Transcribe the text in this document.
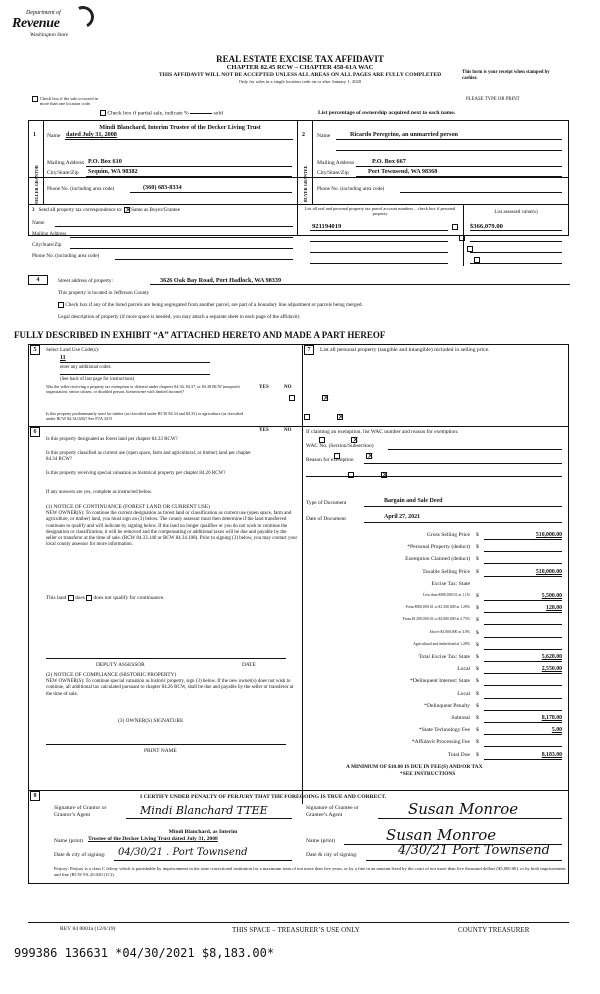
Department of
Revenue
Washington State
REAL ESTATE EXCISE TAX AFFIDAVIT
CHAPTER 82.45 RCW – CHAPTER 458-61A WAC
THIS AFFIDAVIT WILL NOT BE ACCEPTED UNLESS ALL AREAS ON ALL PAGES ARE FULLY COMPLETED
Only for sales in a single location code on or after January 1, 2020
This form is your receipt when stamped by cashier.
PLEASE TYPE OR PRINT
Check box if the sale occurred in more than one location code.
Check box if partial sale, indicate %	sold	List percentage of ownership acquired next to each name.
1
SELLER GRANTOR
Name
Mindi Blanchard, Interim Trustee of the Decker Living Trust
dated July 31, 2008
Mailing Address P.O. Box 610
City/State/Zip Sequim, WA 98382
Phone No. (including area code)	(360) 683-8334
2
BUYER GRANTEE
Name	Ricardo Peregrino, an unmarried person
Mailing Address	P.O. Box 667
City/State/Zip	Port Townsend, WA 98368
Phone No. (including area code)
3 Send all property tax correspondence to: × Same as Buyer/Grantee
Name
Mailing Address
City/State/Zip
Phone No. (including area code)
List all real and personal property tax parcel account numbers – check box if personal property	List assessed value(s)
921194019	$366,079.00

4	Street address of property:	3626 Oak Bay Road, Port Hadlock, WA 98339
This property is located in Jefferson County
Check box if any of the listed parcels are being segregated from another parcel, are part of a boundary line adjustment or parcels being merged.
Legal description of property (if more space is needed, you may attach a separate sheet to each page of the affidavit)
FULLY DESCRIBED IN EXHIBIT “A” ATTACHED HERETO AND MADE A PART HEREOF
5	Select Land Use Code(s):
11
enter any additional codes:
(See back of last page for instructions)
YES	NO
Was the seller receiving a property tax exemption or deferral under chapters 84.36, 84.37, or 84.38 RCW (nonprofit organization, senior citizen, or disabled person, homeowner with limited income)?
×
Is this property predominantly used for timber (as classified under RCW 84.34 and 84.33) or agriculture (as classified under RCW 84.34.020)? See ETA 3215
×
6	YES	NO
Is this property designated as forest land per chapter 84.33 RCW?
×
Is this property classified as current use (open space, farm and agricultural, or timber) land per chapter 84.34 RCW?
×
Is this property receiving special valuation as historical property per chapter 84.26 RCW?
×
If any answers are yes, complete as instructed below.
(1) NOTICE OF CONTINUANCE (FOREST LAND OR CURRENT USE)
NEW OWNER(S): To continue the current designation as forest land or classification as current use (open space, farm and agriculture, or timber) land, you must sign on (3) below. The county assessor must then determine if the land transferred continues to qualify and will indicate by signing below. If the land no longer qualifies or you do not wish to continue the designation or classification, it will be removed and the compensating or additional taxes will be due and payable by the seller or transferor at the time of sale. (RCW 84.33.140 or RCW 84.34.108). Prior to signing (3) below, you may contact your local county assessor for more information.
This land does does not qualify for continuance.
DEPUTY ASSESSOR	DATE
(2) NOTICE OF COMPLIANCE (HISTORIC PROPERTY)
NEW OWNER(S): To continue special valuation as historic property, sign (3) below. If the new owner(s) does not wish to continue, all additional tax calculated pursuant to chapter 84.26 RCW, shall be due and payable by the seller or transferor at the time of sale.
(3) OWNER(S) SIGNATURE
PRINT NAME
7	List all personal property (tangible and intangible) included in selling price.
If claiming an exemption, list WAC number and reason for exemption:
WAC No. (Section/Subsection)
Reason for exemption
Type of Document	Bargain and Sale Deed
Date of Document	April 27, 2021
Gross Selling Price $	510,000.00
*Personal Property (deduct) $
Exemption Claimed (deduct) $
Taxable Selling Price $	510,000.00
Excise Tax: State
Less than $500,000.01 at 1.1% $	5,500.00
From $500,000.01 to $1,500,000 at 1.28% $	128.00
From $1,500,000.01 to $3,000,000 at 2.75% $
Above $3,000,000 at 3.0% $
Agricultural and timberland at 1.28% $
Total Excise Tax: State $	5,628.00
Local $	2,550.00
*Delinquent Interest: State $
Local $
*Delinquent Penalty $
Subtotal $	8,178.00
*State Technology Fee $	5.00
*Affidavit Processing Fee $
Total Due $	8,183.00
A MINIMUM OF $10.00 IS DUE IN FEE(S) AND/OR TAX
*SEE INSTRUCTIONS
8	I CERTIFY UNDER PENALTY OF PERJURY THAT THE FOREGOING IS TRUE AND CORRECT.
Signature of Grantor or Grantor’s Agent	Mindi Blanchard TTEE	Signature of Grantee or Grantee’s Agent	Susan Monroe
Mindi Blanchard, as Interim
Name (print) Trustee of the Decker Living Trust dated July 31, 2008	Name (print)	Susan Monroe
Date & city of signing: 04/30/21 . Port Townsend	Date & city of signing:	4/30/21 Port Townsend
Perjury: Perjury is a class C felony which is punishable by imprisonment in the state correctional institution for a maximum term of not more than five years, or by a fine in an amount fixed by the court of not more than five thousand dollars ($5,000.00), or by both imprisonment and fine (RCW 9A.20.020 (1C)).
REV 84 0001a (12/6/19)	THIS SPACE – TREASURER’S USE ONLY	COUNTY TREASURER
999386 136631 *04/30/2021 $8,183.00*
